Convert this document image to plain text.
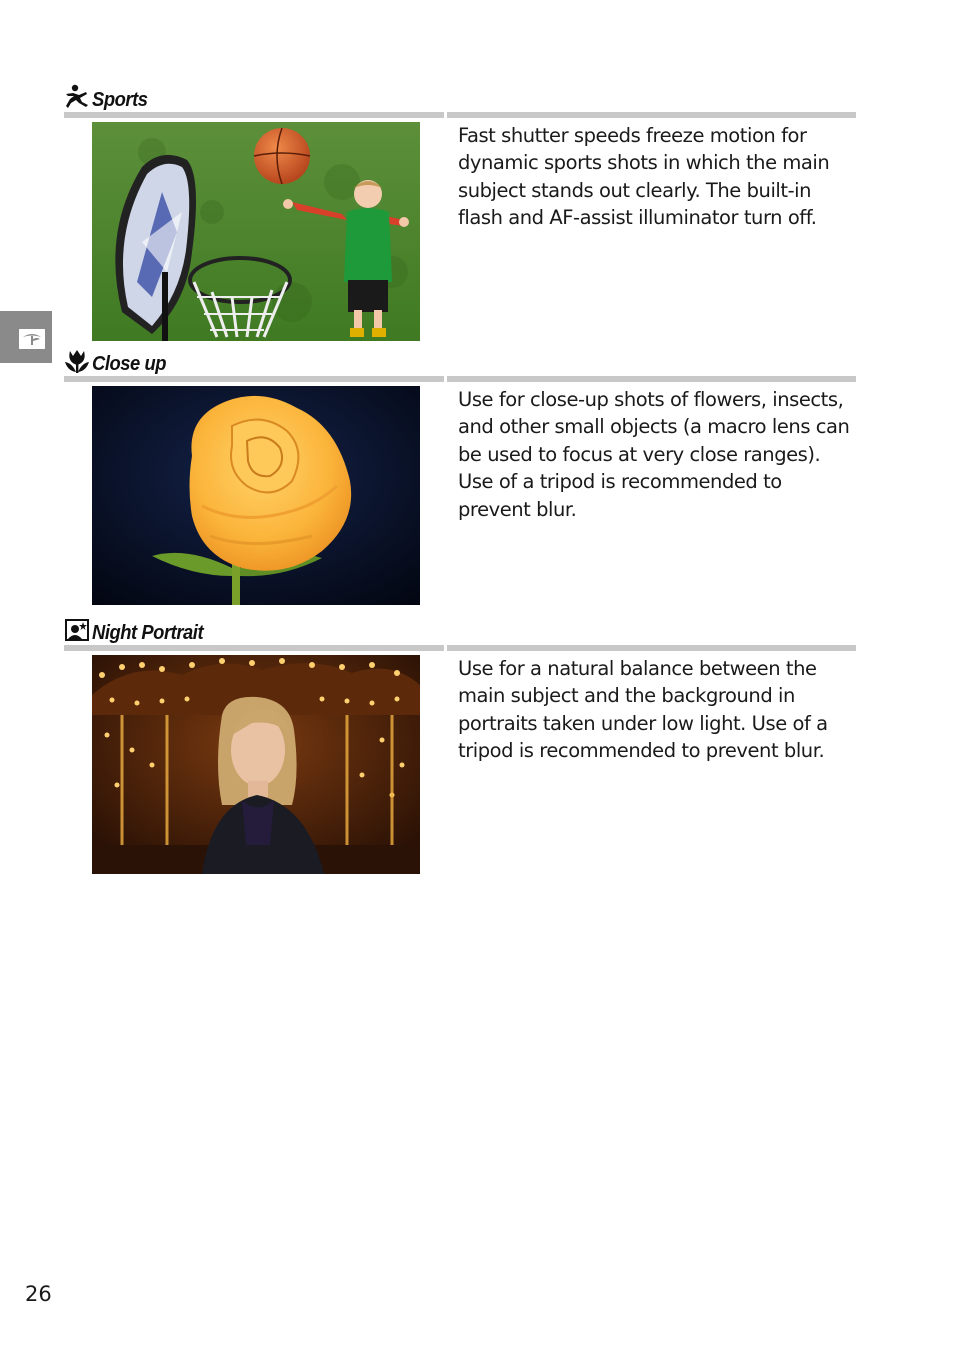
Sports
Fast shutter speeds freeze motion for dynamic sports shots in which the main subject stands out clearly. The built-in flash and AF-assist illuminator turn off.
Close up
Use for close-up shots of flowers, insects, and other small objects (a macro lens can be used to focus at very close ranges). Use of a tripod is recommended to prevent blur.
Night Portrait
Use for a natural balance between the main subject and the background in portraits taken under low light. Use of a tripod is recommended to prevent blur.
26
